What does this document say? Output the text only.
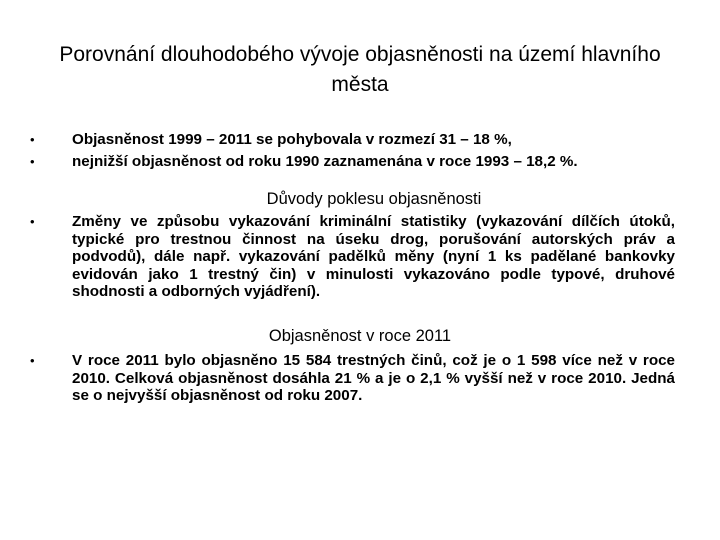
Porovnání dlouhodobého vývoje objasněnosti na území hlavního města
• Objasněnost 1999 – 2011 se pohybovala v rozmezí 31 – 18 %,
• nejnižší objasněnost od roku 1990 zaznamenána v roce 1993 – 18,2 %.
Důvody poklesu objasněnosti
• Změny ve způsobu vykazování kriminální statistiky (vykazování dílčích útoků, typické pro trestnou činnost na úseku drog, porušování autorských práv a podvodů), dále např. vykazování padělků měny (nyní 1 ks padělané bankovky evidován jako 1 trestný čin) v minulosti vykazováno podle typové, druhové shodnosti a odborných vyjádření).
Objasněnost v roce 2011
• V roce 2011 bylo objasněno 15 584 trestných činů, což je o 1 598 více než v roce 2010. Celková objasněnost dosáhla 21 % a je o 2,1 % vyšší než v roce 2010. Jedná se o nejvyšší objasněnost od roku 2007.
